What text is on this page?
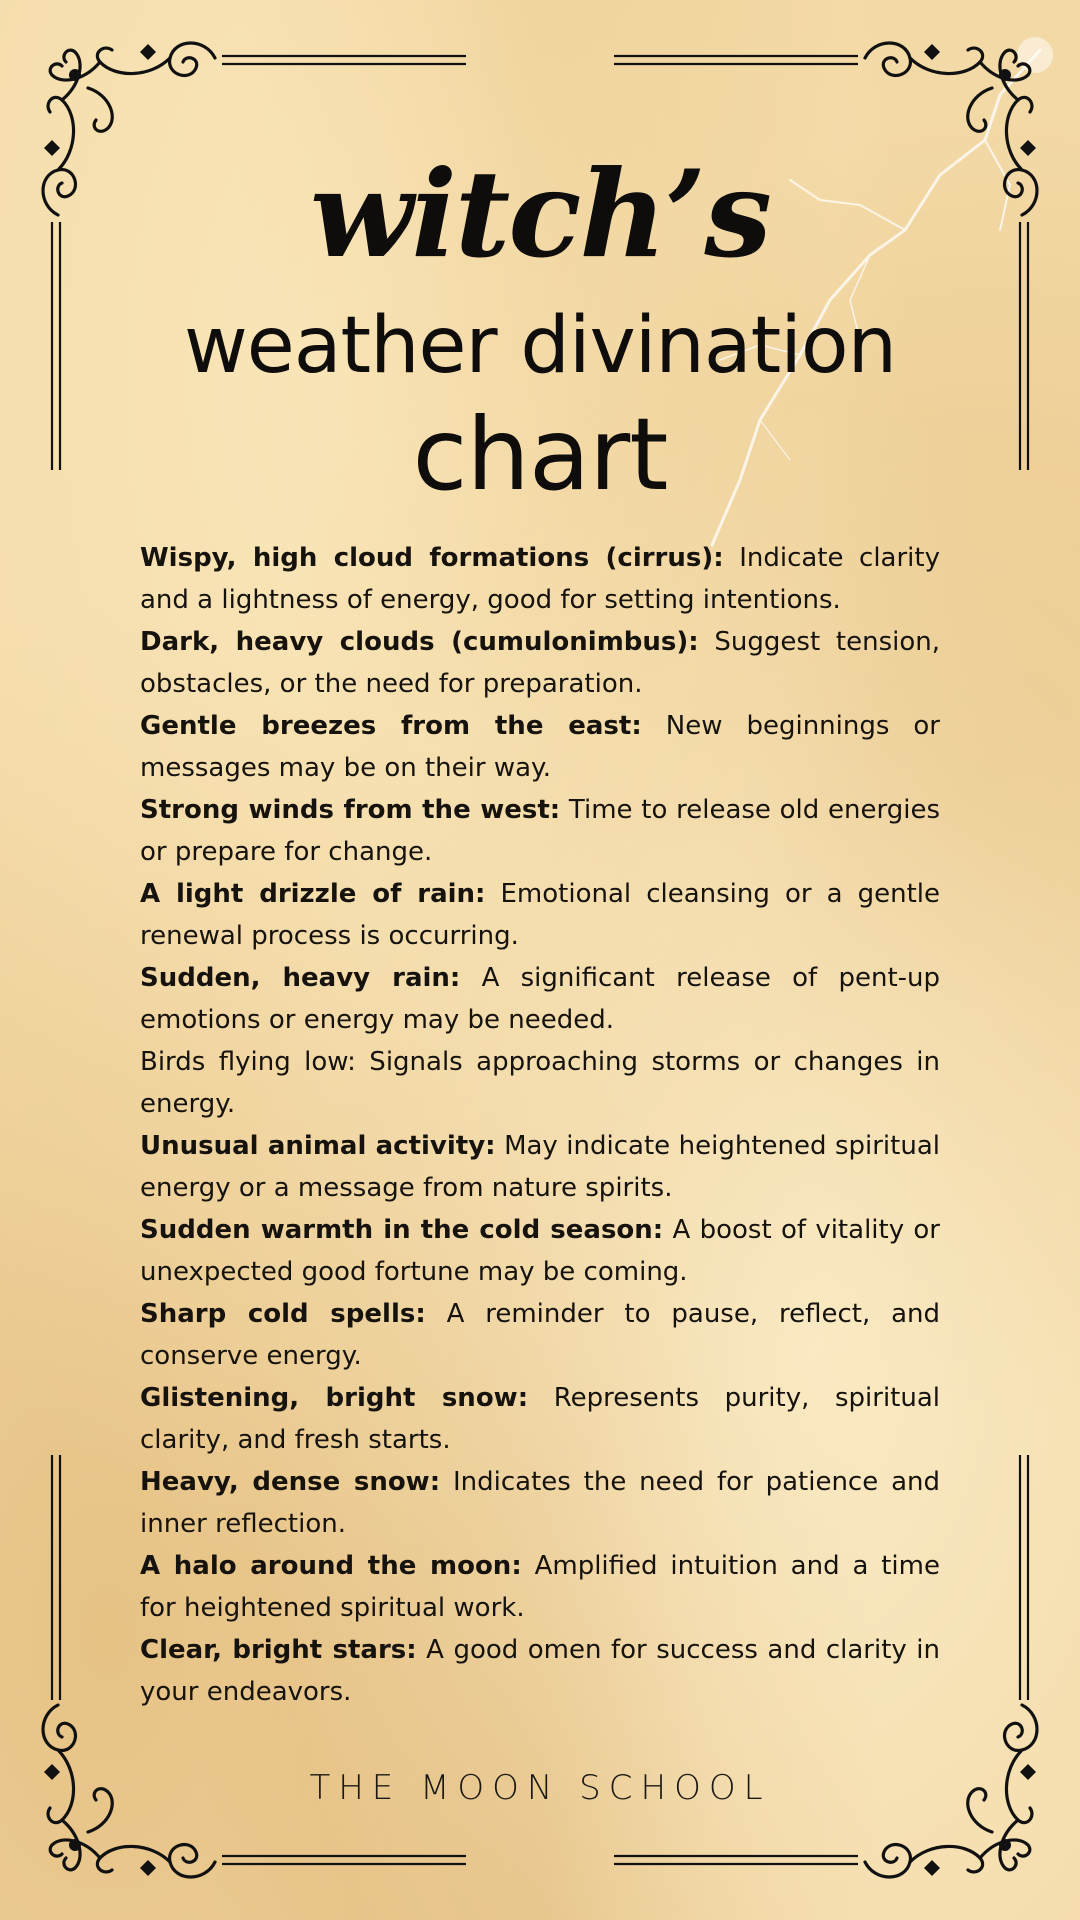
witch’s
weather divination
chart
Wispy, high cloud formations (cirrus): Indicate clarity and a lightness of energy, good for setting intentions.
Dark, heavy clouds (cumulonimbus): Suggest tension, obstacles, or the need for preparation.
Gentle breezes from the east: New beginnings or messages may be on their way.
Strong winds from the west: Time to release old energies or prepare for change.
A light drizzle of rain: Emotional cleansing or a gentle renewal process is occurring.
Sudden, heavy rain: A significant release of pent-up emotions or energy may be needed.
Birds flying low: Signals approaching storms or changes in energy.
Unusual animal activity: May indicate heightened spiritual energy or a message from nature spirits.
Sudden warmth in the cold season: A boost of vitality or unexpected good fortune may be coming.
Sharp cold spells: A reminder to pause, reflect, and conserve energy.
Glistening, bright snow: Represents purity, spiritual clarity, and fresh starts.
Heavy, dense snow: Indicates the need for patience and inner reflection.
A halo around the moon: Amplified intuition and a time for heightened spiritual work.
Clear, bright stars: A good omen for success and clarity in your endeavors.
THE MOON SCHOOL
